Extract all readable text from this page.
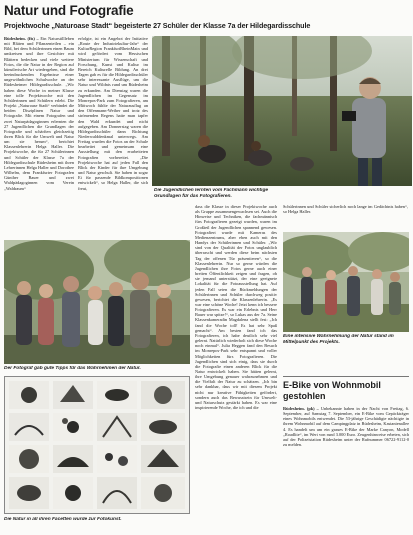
Natur und Fotografie
Projektwoche „Naturoase Stadt“ begeisterte 27 Schüler der Klasse 7a der Hildegardisschule

Rüdesheim. (fis) – Ein Naturstillleben mit Blüten und Pflanzenteilen – ein Bild, bei dem Schülerinnen einen Baum umkreisen und ihre Gesichter mit Blättern bedecken und viele weitere Fotos, die die Natur in der Region auf künstlerische Art wiedergeben, sind die beeindruckenden Ergebnisse einer ungewöhnlichen Schulwoche an der Rüdesheimer Hildegardisschule. „Wir haben diese Woche in meiner Klasse eine tolle Projektwoche mit den Schülerinnen und Schülern erlebt. Die Projekt „Naturoase Stadt“ verbindet die beiden Disziplinen Natur und Fotografie. Mit einem Fotografen und zwei Naturpädagoginnen erlernten die 27 Jugendlichen die Grundlagen der Fotografie und schärften gleichzeitig ihren Blick für die Umwelt und Natur um sie herum“, berichtet Klassenlehrerin Helga Haller. Die Projektwoche, die für 27 Schülerinnen und Schüler der Klasse 7a der Hildegardisschule Rüdesheim mit ihren Lehrerinnen Helga Haller und Dorothee Wilhelm, dem Frankfurter Fotografen Günther Bauer und zwei Waldpädagoginnen vom Verein „Waldraum“

erfolgte, ist ein Angebot der Initiative „Route der Industriekultur-Jahr“ der KulturRegion FrankfurtRheinMain und wird gefördert vom Hessischen Ministerium für Wissenschaft und Forschung, Kunst und Kultur im Bereich Kulturelle Bildung. An drei Tagen gab es für die Hildegardisschüler sehr interessante Ausflüge, um die Natur und Wildnis rund um Rüdesheim zu erkunden. Am Dienstag waren die Jugendlichen im Gegensatz im Monrepos-Park zum Fotografieren, am Mittwoch fühlte der Naturausflug an den Offenmann-Weiher und trotz des strömenden Regens hatte man tapfer den Wald erkundet und nicht aufgegeben. Am Donnerstag waren die Hildegardisschüler dann Richtung Niederwalddenkmal unterwegs. Am Freitag wurden die Fotos an der Schule bearbeitet und gemeinsam eine Ausstellung mit den erarbeiteten Fotografien vorbereitet. „Die Projektwoche hat auf jeden Fall den Blick der Kinder für ihre Umgebung und Natur geschult. Sie haben in sogar Ei für passende Bildkompositionen entwickelt“, so Helga Haller, die sich freut,	Die Jugendlichen lernten vom Fachmann wichtige Grundlagen für das Fotografieren.
Der Fotograf gab gute Tipps für das Wahrnehmen der Natur.

dass die Klasse in dieser Projektwoche auch als Gruppe zusammengewachsen sei. Auch die Hinweise und Techniken, die fachmännisch fürs Fotografieren gezeigt wurden, waren im Großteil der Jugendlichen spannend gewesen. Fotografiert wurde mit Kameras des Medienzentrums, aber eben auch mit den Handys der Schülerinnen und Schüler. „Wir sind von der Qualität der Fotos unglaublich überrascht und werden diese beim nächsten Tag der offenen Tür präsentieren“, so die Klassenlehrerin. Nur so gerne würden die Jugendlichen ihre Fotos gerne auch einer breiten Öffentlichkeit zeigen und fragen, ob sie jemand unterstützt, der eine geeignete Lokalität für die Fotoausstellung hat. Auf jeden Fall seien die Rückmeldungen der Schülerinnen und Schüler durchweg positiv gewesen, berichtet die Klassenlehrerin. „Es war eine schöne Woche! Jetzt kenn ich bessere Fotografieren. Es war ein Erlebnis und Herr Bauer war spitze!“, so Lukas aus der 7a. Seine Klassenkameradin Magdalena stellt fest: „Ich fand die Woche toll! Es hat sehr Spaß gemacht“. Am besten fand ich das Fotografieren, ich habe deutlich sehr viel gelernt. Natürlich wiederholt sich diese Woche noch einmal“. Julia Heggen fand den Besuch im Monrepos-Park sehr entspannt und voller Möglichkeiten fürs Fotografieren. Die Jugendlichen sind sich einig, dass sie durch die Fotografie einen anderen Blick für die Natur entwickelt haben. Sie hätten gelernt, ihre Umgebung genauer wahrzunehmen und die Vielfalt der Natur zu schätzen. „Ich bin sehr dankbar, dass wir mit diesem Projekt nicht nur kreative Fähigkeiten gefördert, sondern auch das Bewusstsein für Umwelt- und Naturschutz gestärkt haben. Es war eine inspirierende Woche, die ich und die

Schülerinnen und Schüler sicherlich noch lange im Gedächtnis haben“, so Helga Haller.

Eine intensive Wahrnehmung der Natur stand im Mittelpunkt des Projekts.
Die Natur in all ihren Facetten wurde zur Fotokunst.
E-Bike von Wohnmobil gestohlen

Rüdesheim. (pk) – Unbekannte haben in der Nacht von Freitag, 6. September, auf Samstag 7. September, ein E-Bike vom Gepäckträger eines Wohnmobils entwendet. Die 53-jährige Geschädigte nächtigte in ihrem Wohnmobil auf dem Campingplatz in Rüdesheim, Kastanienallee 4. Es handelt um um ein graues E-Bike der Marke Canyon, Modell „Roadlite“, im Wert von rund 3.000 Euro. Zeugenhinweise erbeten, sich auf der Polizeistation Rüdesheim unter der Rufnummer 06722-9112-0 zu melden.
